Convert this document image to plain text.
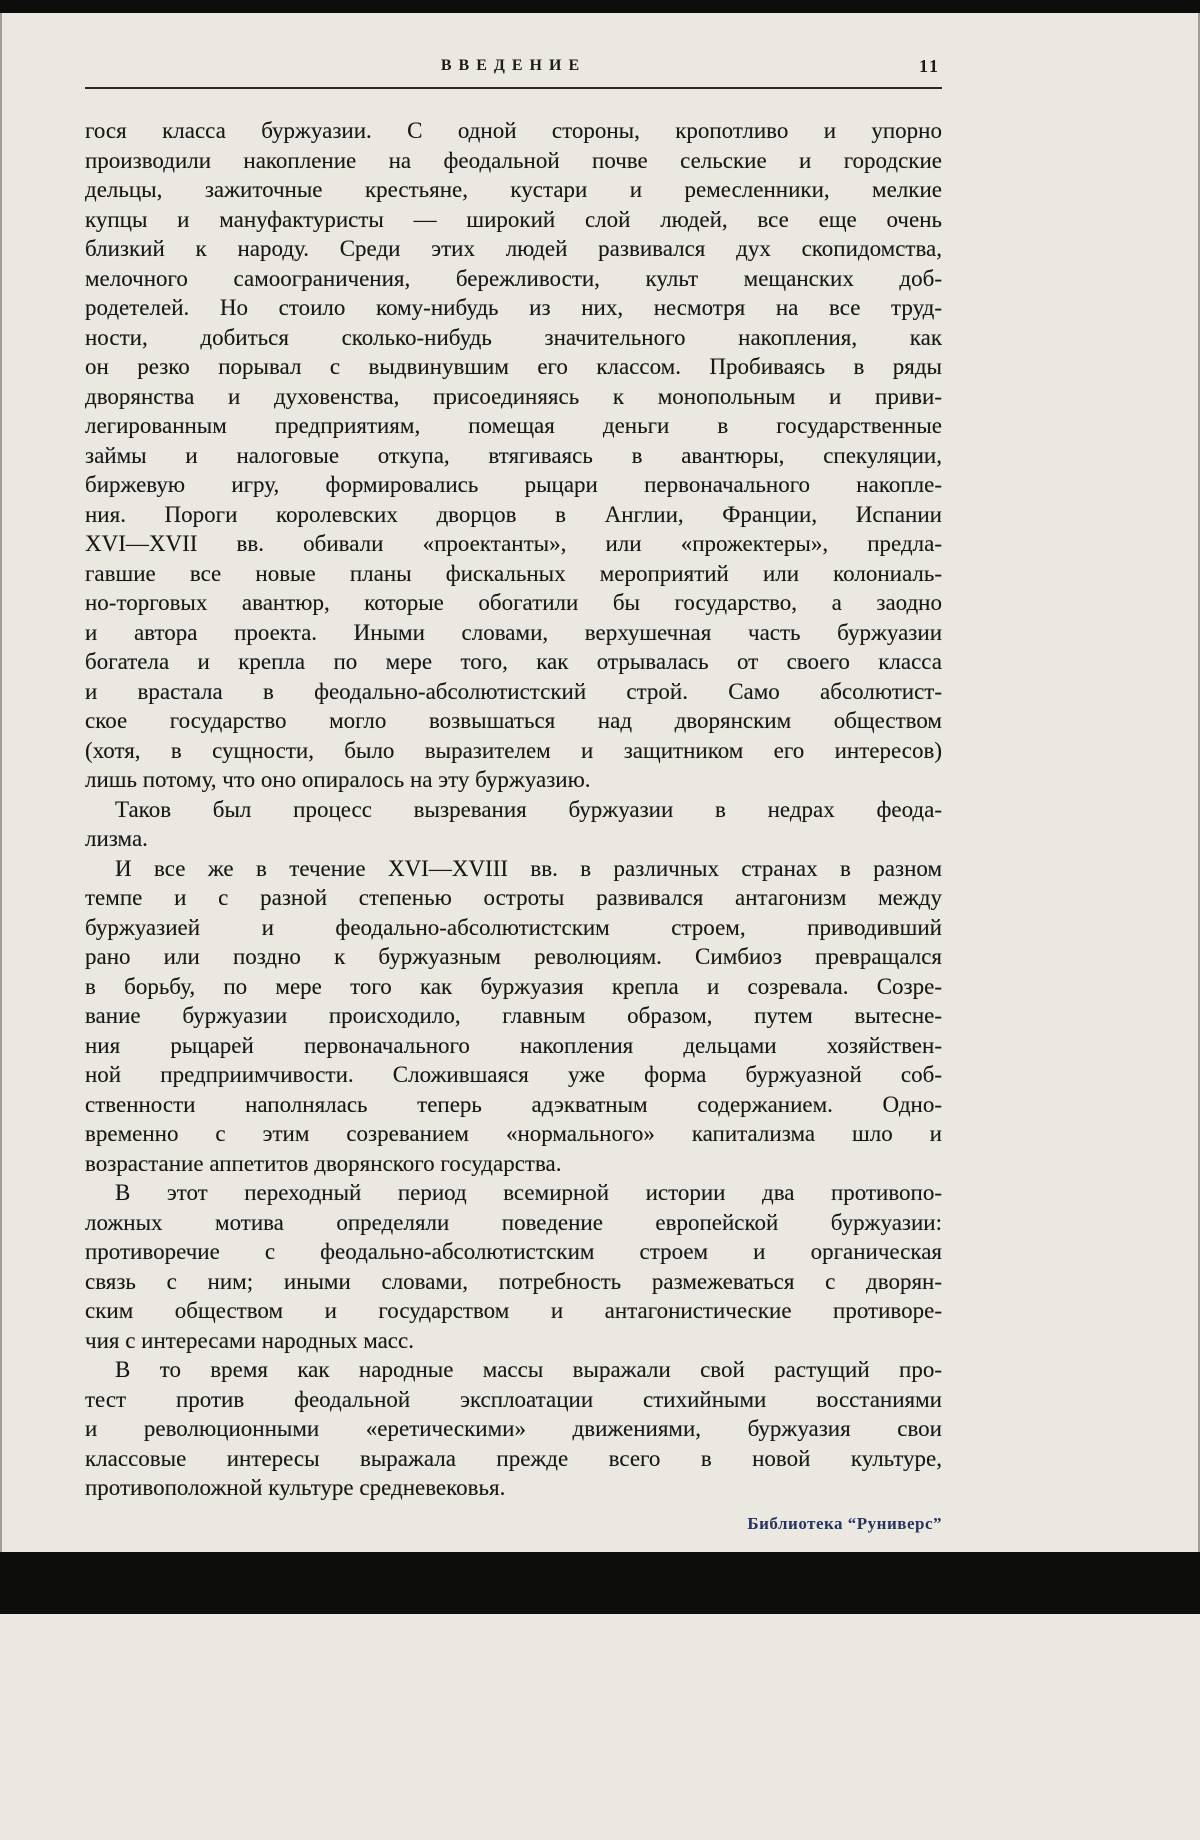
ВВЕДЕНИЕ	11
гося класса буржуазии. С одной стороны, кропотливо и упорно
производили накопление на феодальной почве сельские и городские
дельцы, зажиточные крестьяне, кустари и ремесленники, мелкие
купцы и мануфактуристы — широкий слой людей, все еще очень
близкий к народу. Среди этих людей развивался дух скопидомства,
мелочного самоограничения, бережливости, культ мещанских доб-
родетелей. Но стоило кому-нибудь из них, несмотря на все труд-
ности, добиться сколько-нибудь значительного накопления, как
он резко порывал с выдвинувшим его классом. Пробиваясь в ряды
дворянства и духовенства, присоединяясь к монопольным и приви-
легированным предприятиям, помещая деньги в государственные
займы и налоговые откупа, втягиваясь в авантюры, спекуляции,
биржевую игру, формировались рыцари первоначального накопле-
ния. Пороги королевских дворцов в Англии, Франции, Испании
XVI—XVII вв. обивали «проектанты», или «прожектеры», предла-
гавшие все новые планы фискальных мероприятий или колониаль-
но-торговых авантюр, которые обогатили бы государство, а заодно
и автора проекта. Иными словами, верхушечная часть буржуазии
богатела и крепла по мере того, как отрывалась от своего класса
и врастала в феодально-абсолютистский строй. Само абсолютист-
ское государство могло возвышаться над дворянским обществом
(хотя, в сущности, было выразителем и защитником его интересов)
лишь потому, что оно опиралось на эту буржуазию.
Таков был процесс вызревания буржуазии в недрах феода-
лизма.
И все же в течение XVI—XVIII вв. в различных странах в разном
темпе и с разной степенью остроты развивался антагонизм между
буржуазией и феодально-абсолютистским строем, приводивший
рано или поздно к буржуазным революциям. Симбиоз превращался
в борьбу, по мере того как буржуазия крепла и созревала. Созре-
вание буржуазии происходило, главным образом, путем вытесне-
ния рыцарей первоначального накопления дельцами хозяйствен-
ной предприимчивости. Сложившаяся уже форма буржуазной соб-
ственности наполнялась теперь адэкватным содержанием. Одно-
временно с этим созреванием «нормального» капитализма шло и
возрастание аппетитов дворянского государства.
В этот переходный период всемирной истории два противопо-
ложных мотива определяли поведение европейской буржуазии:
противоречие с феодально-абсолютистским строем и органическая
связь с ним; иными словами, потребность размежеваться с дворян-
ским обществом и государством и антагонистические противоре-
чия с интересами народных масс.
В то время как народные массы выражали свой растущий про-
тест против феодальной эксплоатации стихийными восстаниями
и революционными «еретическими» движениями, буржуазия свои
классовые интересы выражала прежде всего в новой культуре,
противоположной культуре средневековья.
Библиотека “Руниверс”
